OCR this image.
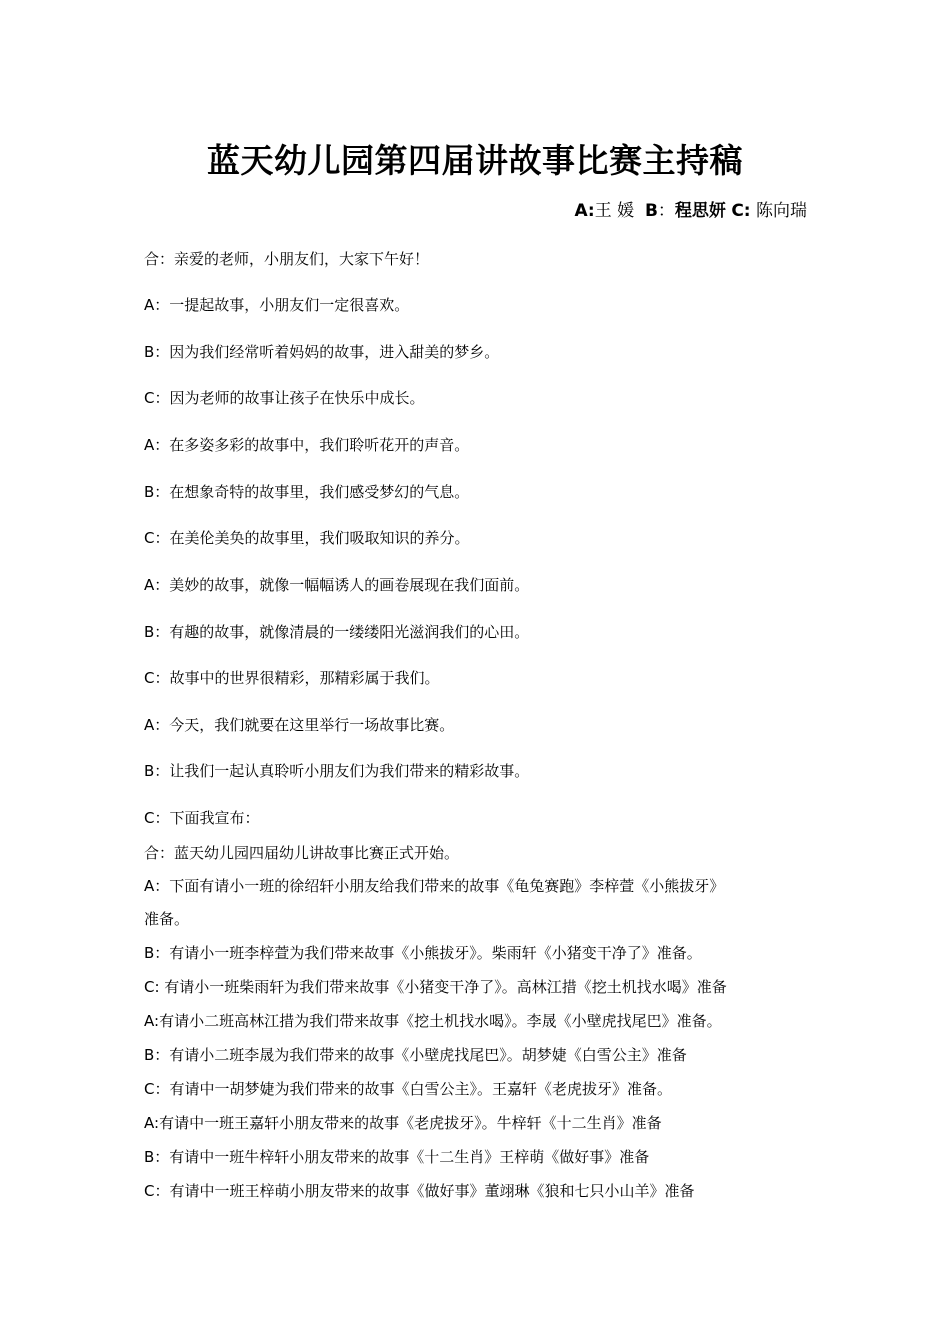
蓝天幼儿园第四届讲故事比赛主持稿
A:王 媛 B：程思妍 C: 陈向瑞
合：亲爱的老师，小朋友们，大家下午好！
A：一提起故事，小朋友们一定很喜欢。
B：因为我们经常听着妈妈的故事，进入甜美的梦乡。
C：因为老师的故事让孩子在快乐中成长。
A：在多姿多彩的故事中，我们聆听花开的声音。
B：在想象奇特的故事里，我们感受梦幻的气息。
C：在美伦美奂的故事里，我们吸取知识的养分。
A：美妙的故事，就像一幅幅诱人的画卷展现在我们面前。
B：有趣的故事，就像清晨的一缕缕阳光滋润我们的心田。
C：故事中的世界很精彩，那精彩属于我们。
A：今天，我们就要在这里举行一场故事比赛。
B：让我们一起认真聆听小朋友们为我们带来的精彩故事。
C：下面我宣布：
合：蓝天幼儿园四届幼儿讲故事比赛正式开始。
A：下面有请小一班的徐绍轩小朋友给我们带来的故事《龟兔赛跑》李梓萱《小熊拔牙》
准备。
B：有请小一班李梓萱为我们带来故事《小熊拔牙》。柴雨轩《小猪变干净了》准备。
C: 有请小一班柴雨轩为我们带来故事《小猪变干净了》。高林江措《挖土机找水喝》准备
A:有请小二班高林江措为我们带来故事《挖土机找水喝》。李晟《小壁虎找尾巴》准备。
B：有请小二班李晟为我们带来的故事《小壁虎找尾巴》。胡梦婕《白雪公主》准备
C：有请中一胡梦婕为我们带来的故事《白雪公主》。王嘉轩《老虎拔牙》准备。
A:有请中一班王嘉轩小朋友带来的故事《老虎拔牙》。牛梓轩《十二生肖》准备
B：有请中一班牛梓轩小朋友带来的故事《十二生肖》王梓萌《做好事》准备
C：有请中一班王梓萌小朋友带来的故事《做好事》董翊琳《狼和七只小山羊》准备
